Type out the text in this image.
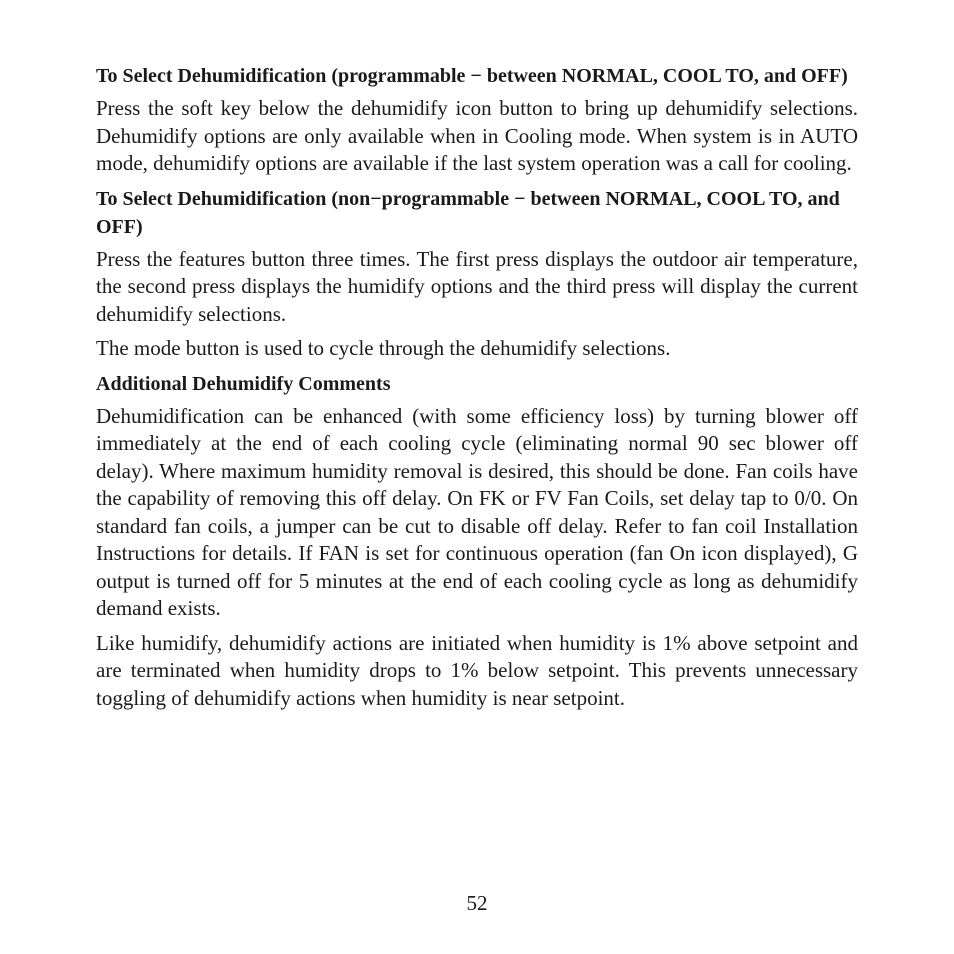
To Select Dehumidification (programmable − between NORMAL, COOL TO, and OFF)

Press the soft key below the dehumidify icon button to bring up dehumidify selections. Dehumidify options are only available when in Cooling mode. When system is in AUTO mode, dehumidify options are available if the last system operation was a call for cooling.

To Select Dehumidification (non−programmable − between NORMAL, COOL TO, and OFF)

Press the features button three times. The first press displays the outdoor air temperature, the second press displays the humidify options and the third press will display the current dehumidify selections.

The mode button is used to cycle through the dehumidify selections.

Additional Dehumidify Comments

Dehumidification can be enhanced (with some efficiency loss) by turning blower off immediately at the end of each cooling cycle (eliminating normal 90 sec blower off delay). Where maximum humidity removal is desired, this should be done. Fan coils have the capability of removing this off delay. On FK or FV Fan Coils, set delay tap to 0/0. On standard fan coils, a jumper can be cut to disable off delay. Refer to fan coil Installation Instructions for details. If FAN is set for continuous operation (fan On icon displayed), G output is turned off for 5 minutes at the end of each cooling cycle as long as dehumidify demand exists.

Like humidify, dehumidify actions are initiated when humidity is 1% above setpoint and are terminated when humidity drops to 1% below setpoint. This prevents unnecessary toggling of dehumidify actions when humidity is near setpoint.

52
